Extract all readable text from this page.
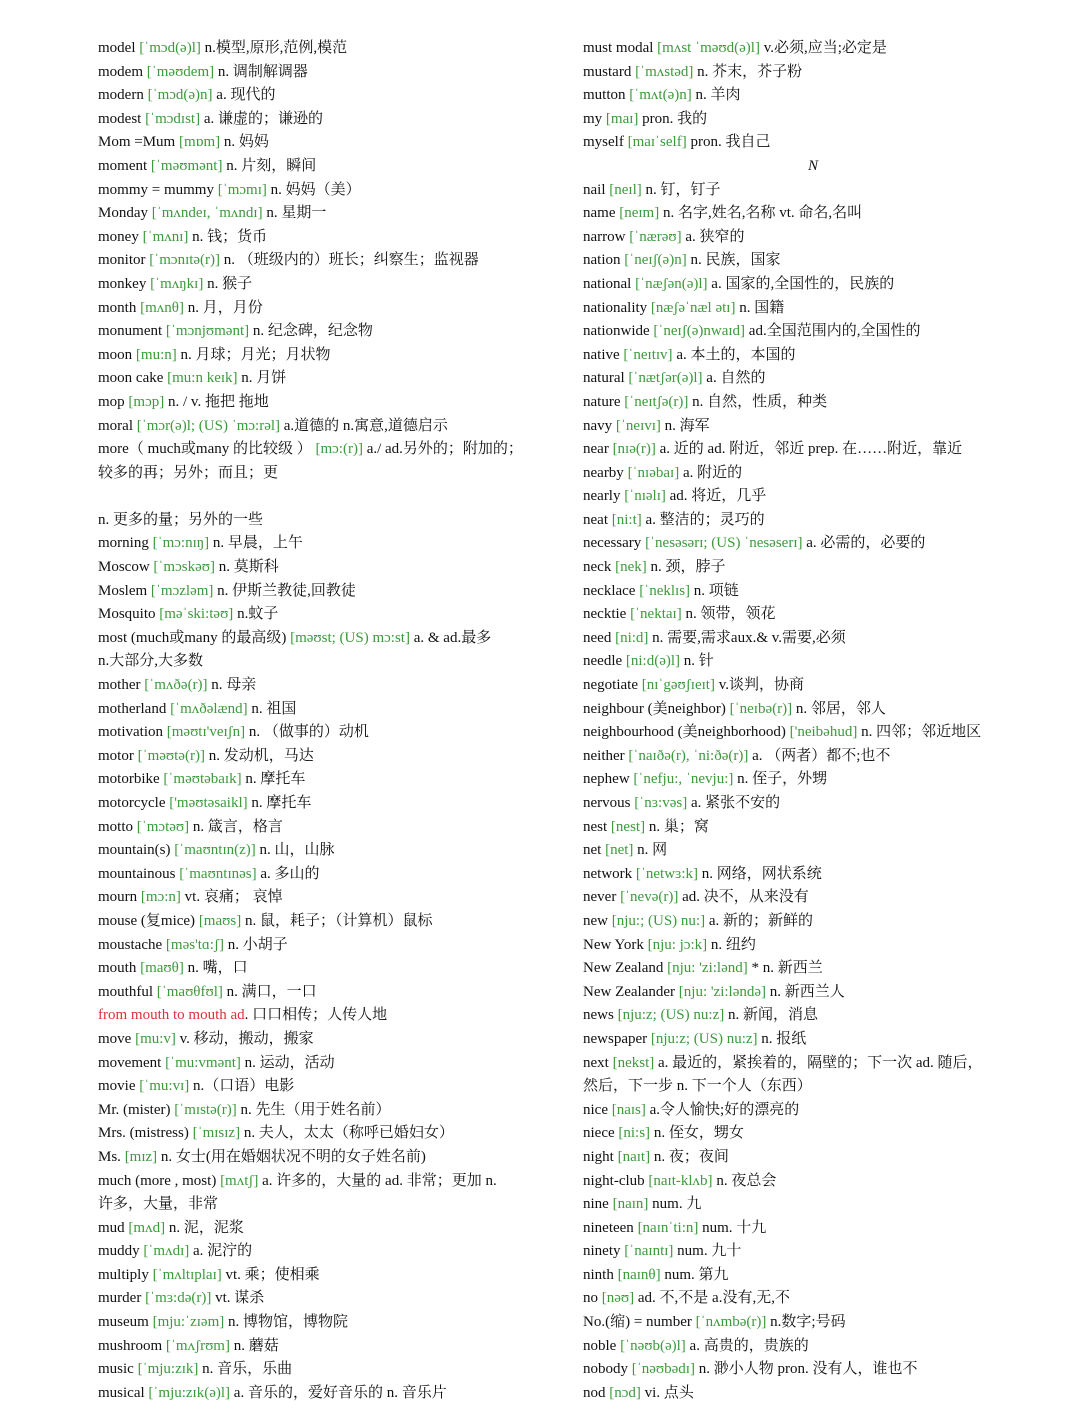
model [ˈmɔd(ə)l] n.模型,原形,范例,模范
modem [ˈməʊdem] n. 调制解调器
modern [ˈmɔd(ə)n] a. 现代的
modest [ˈmɔdɪst] a. 谦虚的；谦逊的
Mom =Mum [mɒm] n. 妈妈
moment [ˈməʊmənt] n. 片刻，瞬间
mommy = mummy [ˈmɔmɪ] n. 妈妈（美）
Monday [ˈmʌndeɪ, ˈmʌndɪ] n. 星期一
money [ˈmʌnɪ] n. 钱；货币
monitor [ˈmɔnɪtə(r)] n. （班级内的）班长；纠察生；监视器
monkey [ˈmʌŋkɪ] n. 猴子
month [mʌnθ] n. 月，月份
monument [ˈmɔnjʊmənt] n. 纪念碑，纪念物
moon [mu:n] n. 月球；月光；月状物
moon cake [mu:n keɪk] n. 月饼
mop [mɔp] n. / v. 拖把 拖地
moral [ˈmɔr(ə)l; (US) ˈmɔ:rəl] a.道德的 n.寓意,道德启示
more（ much或many 的比较级 ） [mɔ:(r)] a./ ad.另外的；附加的；
较多的再；另外；而且；更
n. 更多的量；另外的一些
morning [ˈmɔ:nɪŋ] n. 早晨，上午
Moscow [ˈmɔskəʊ] n. 莫斯科
Moslem [ˈmɔzləm] n. 伊斯兰教徒,回教徒
Mosquito [məˈski:təʊ] n.蚊子
most (much或many 的最高级) [məʊst; (US) mɔ:st] a. & ad.最多
n.大部分,大多数
mother [ˈmʌðə(r)] n. 母亲
motherland [ˈmʌðəlænd] n. 祖国
motivation [məʊtɪ'veɪʃn] n. （做事的）动机
motor [ˈməʊtə(r)] n. 发动机，马达
motorbike [ˈməʊtəbaɪk] n. 摩托车
motorcycle ['məʊtəsaikl] n. 摩托车
motto [ˈmɔtəʊ] n. 箴言，格言
mountain(s) [ˈmaʊntɪn(z)] n. 山，山脉
mountainous [ˈmaʊntɪnəs] a. 多山的
mourn [mɔ:n] vt. 哀痛； 哀悼
mouse (复mice) [maʊs] n. 鼠，耗子；（计算机）鼠标
moustache [məs'tɑ:ʃ] n. 小胡子
mouth [maʊθ] n. 嘴，口
mouthful [ˈmaʊθfʊl] n. 满口，一口
from mouth to mouth ad. 口口相传；人传人地
move [mu:v] v. 移动，搬动，搬家
movement [ˈmu:vmənt] n. 运动，活动
movie [ˈmu:vɪ] n.（口语）电影
Mr. (mister) [ˈmɪstə(r)] n. 先生（用于姓名前）
Mrs. (mistress) [ˈmɪsɪz] n. 夫人，太太（称呼已婚妇女）
Ms. [mɪz] n. 女士(用在婚姻状况不明的女子姓名前)
much (more , most) [mʌtʃ] a. 许多的，大量的 ad. 非常；更加 n.
许多，大量，非常
mud [mʌd] n. 泥，泥浆
muddy [ˈmʌdɪ] a. 泥泞的
multiply [ˈmʌltɪplaɪ] vt. 乘；使相乘
murder [ˈmɜ:də(r)] vt. 谋杀
museum [mju:ˈzɪəm] n. 博物馆，博物院
mushroom [ˈmʌʃrʊm] n. 蘑菇
music [ˈmju:zɪk] n. 音乐，乐曲
musical [ˈmju:zɪk(ə)l] a. 音乐的，爱好音乐的 n. 音乐片
must modal [mʌst ˈməʊd(ə)l] v.必须,应当;必定是
mustard [ˈmʌstəd] n. 芥末，芥子粉
mutton [ˈmʌt(ə)n] n. 羊肉
my [maɪ] pron. 我的
myself [maɪˈself] pron. 我自己
N
nail [neɪl] n. 钉，钉子
name [neɪm] n. 名字,姓名,名称 vt. 命名,名叫
narrow [ˈnærəʊ] a. 狭窄的
nation [ˈneɪʃ(ə)n] n. 民族，国家
national [ˈnæʃən(ə)l] a. 国家的,全国性的，民族的
nationality [næʃəˈnæl ətɪ] n. 国籍
nationwide [ˈneɪʃ(ə)nwaɪd] ad.全国范围内的,全国性的
native [ˈneɪtɪv] a. 本土的，本国的
natural [ˈnætʃər(ə)l] a. 自然的
nature [ˈneɪtʃə(r)] n. 自然，性质，种类
navy [ˈneɪvɪ] n. 海军
near [nɪə(r)] a. 近的 ad. 附近，邻近 prep. 在……附近，靠近
nearby [ˈnɪəbaɪ] a. 附近的
nearly [ˈnɪəlɪ] ad. 将近，几乎
neat [ni:t] a. 整洁的；灵巧的
necessary [ˈnesəsərɪ; (US) ˈnesəserɪ] a. 必需的，必要的
neck [nek] n. 颈，脖子
necklace [ˈneklɪs] n. 项链
necktie [ˈnektaɪ] n. 领带，领花
need [ni:d] n. 需要,需求aux.& v.需要,必须
needle [ni:d(ə)l] n. 针
negotiate [nɪˈgəʊʃɪeɪt] v.谈判，协商
neighbour (美neighbor) [ˈneɪbə(r)] n. 邻居，邻人
neighbourhood (美neighborhood) ['neibəhud] n. 四邻；邻近地区
neither [ˈnaɪðə(r), ˈni:ðə(r)] a. （两者）都不;也不
nephew [ˈnefju:, ˈnevju:] n. 侄子，外甥
nervous [ˈnɜ:vəs] a. 紧张不安的
nest [nest] n. 巢；窝
net [net] n. 网
network [ˈnetwɜ:k] n. 网络，网状系统
never [ˈnevə(r)] ad. 决不，从来没有
new [nju:; (US) nu:] a. 新的；新鲜的
New York [nju: jɔ:k] n. 纽约
New Zealand [nju: 'zi:lənd] * n. 新西兰
New Zealander [nju: 'zi:ləndə] n. 新西兰人
news [nju:z; (US) nu:z] n. 新闻，消息
newspaper [nju:z; (US) nu:z] n. 报纸
next [nekst] a. 最近的，紧挨着的，隔壁的；下一次 ad. 随后，
然后，下一步 n. 下一个人（东西）
nice [naɪs] a.令人愉快;好的漂亮的
niece [ni:s] n. 侄女，甥女
night [naɪt] n. 夜；夜间
night-club [naɪt-klʌb] n. 夜总会
nine [naɪn] num. 九
nineteen [naɪnˈti:n] num. 十九
ninety [ˈnaɪntɪ] num. 九十
ninth [naɪnθ] num. 第九
no [nəʊ] ad. 不,不是 a.没有,无,不
No.(缩) = number [ˈnʌmbə(r)] n.数字;号码
noble [ˈnəʊb(ə)l] a. 高贵的，贵族的
nobody [ˈnəʊbədɪ] n. 渺小人物 pron. 没有人，谁也不
nod [nɔd] vi. 点头
